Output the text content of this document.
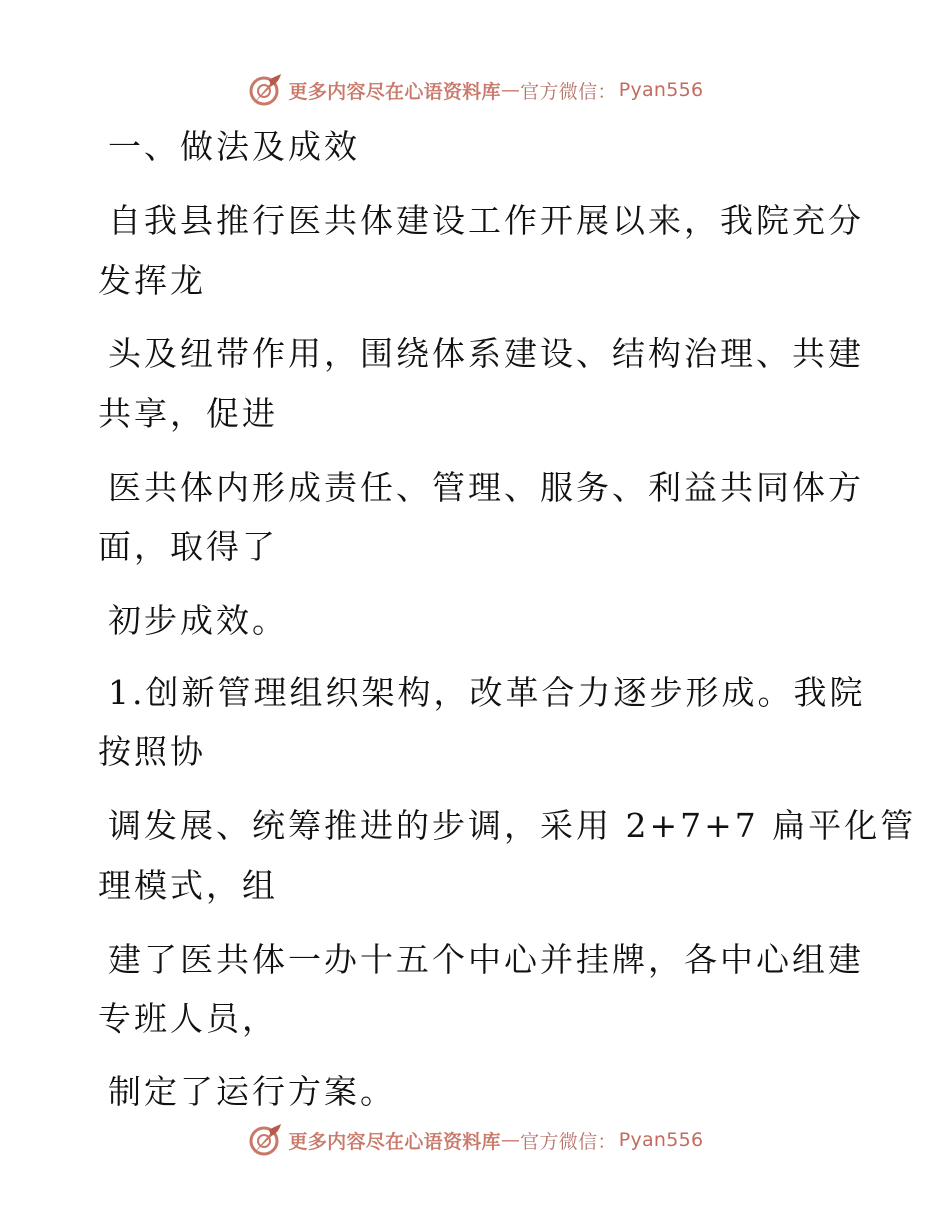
更多内容尽在心语资料库 — 官方微信： Pyan556
一、做法及成效
自我县推行医共体建设工作开展以来，我院充分
发挥龙
头及纽带作用，围绕体系建设、结构治理、共建
共享，促进
医共体内形成责任、管理、服务、利益共同体方
面，取得了
初步成效。
1.创新管理组织架构，改革合力逐步形成。我院
按照协
调发展、统筹推进的步调，采用 2+7+7 扁平化管
理模式，组
建了医共体一办十五个中心并挂牌，各中心组建
专班人员，
制定了运行方案。
更多内容尽在心语资料库 — 官方微信： Pyan556
